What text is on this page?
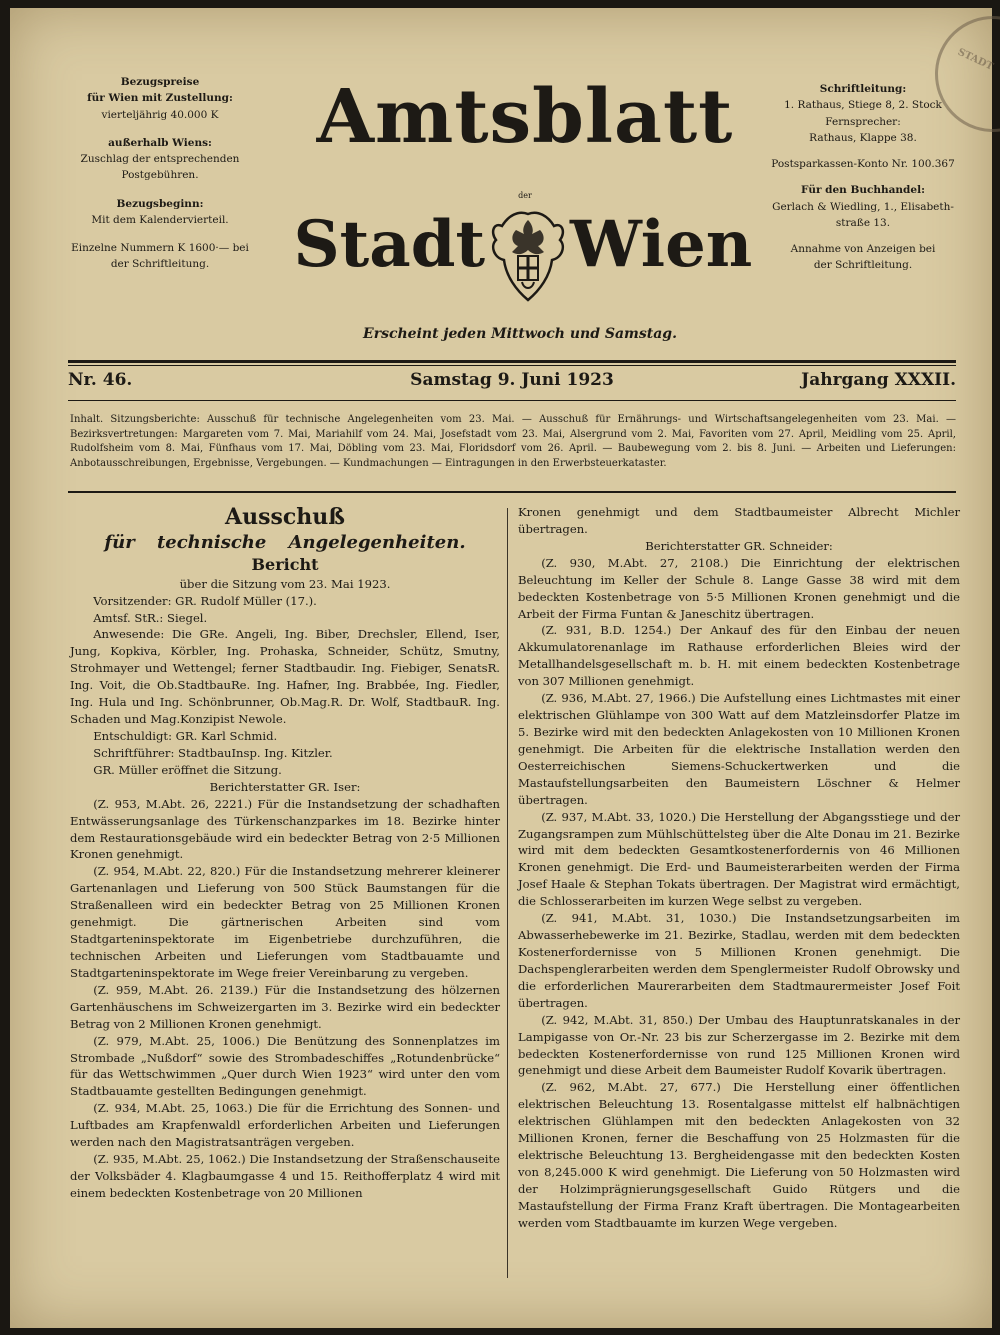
STADT
Bezugspreise
für Wien mit Zustellung:
vierteljährig 40.000 K
außerhalb Wiens:
Zuschlag der entsprechenden
Postgebühren.
Bezugsbeginn:
Mit dem Kalendervierteil.
Einzelne Nummern K 1600·— bei
der Schriftleitung.
Amtsblatt
der
Stadt Wien
Erscheint jeden Mittwoch und Samstag.
Schriftleitung:
1. Rathaus, Stiege 8, 2. Stock
Fernsprecher:
Rathaus, Klappe 38.
Postsparkassen-Konto Nr. 100.367
Für den Buchhandel:
Gerlach & Wiedling, 1., Elisabeth-
straße 13.
Annahme von Anzeigen bei
der Schriftleitung.
Nr. 46.	Samstag 9. Juni 1923	Jahrgang XXXII.
Inhalt. Sitzungsberichte: Ausschuß für technische Angelegenheiten vom 23. Mai. — Ausschuß für Ernährungs- und Wirtschaftsangelegenheiten vom 23. Mai. — Bezirksvertretungen: Margareten vom 7. Mai, Mariahilf vom 24. Mai, Josefstadt vom 23. Mai, Alsergrund vom 2. Mai, Favoriten vom 27. April, Meidling vom 25. April, Rudolfsheim vom 8. Mai, Fünfhaus vom 17. Mai, Döbling vom 23. Mai, Floridsdorf vom 26. April. — Baubewegung vom 2. bis 8. Juni. — Arbeiten und Lieferungen: Anbotausschreibungen, Ergebnisse, Vergebungen. — Kundmachungen — Eintragungen in den Erwerbsteuerkataster.

Ausschuß

für technische Angelegenheiten.

Bericht

über die Sitzung vom 23. Mai 1923.

Vorsitzender: GR. Rudolf Müller (17.).

Amtsf. StR.: Siegel.

Anwesende: Die GRe. Angeli, Ing. Biber, Drechsler, Ellend, Iser, Jung, Kopkiva, Körbler, Ing. Prohaska, Schneider, Schütz, Smutny, Strohmayer und Wettengel; ferner Stadtbaudir. Ing. Fiebiger, SenatsR. Ing. Voit, die Ob.StadtbauRe. Ing. Hafner, Ing. Brabbée, Ing. Fiedler, Ing. Hula und Ing. Schönbrunner, Ob.Mag.R. Dr. Wolf, StadtbauR. Ing. Schaden und Mag.Konzipist Newole.

Entschuldigt: GR. Karl Schmid.

Schriftführer: StadtbauInsp. Ing. Kitzler.

GR. Müller eröffnet die Sitzung.

Berichterstatter GR. Iser:

(Z. 953, M.Abt. 26, 2221.) Für die Instandsetzung der schadhaften Entwässerungsanlage des Türkenschanzparkes im 18. Bezirke hinter dem Restaurationsgebäude wird ein bedeckter Betrag von 2·5 Millionen Kronen genehmigt.

(Z. 954, M.Abt. 22, 820.) Für die Instandsetzung mehrerer kleinerer Gartenanlagen und Lieferung von 500 Stück Baumstangen für die Straßenalleen wird ein bedeckter Betrag von 25 Millionen Kronen genehmigt. Die gärtnerischen Arbeiten sind vom Stadtgarteninspektorate im Eigenbetriebe durchzuführen, die technischen Arbeiten und Lieferungen vom Stadtbauamte und Stadtgarteninspektorate im Wege freier Vereinbarung zu vergeben.

(Z. 959, M.Abt. 26. 2139.) Für die Instandsetzung des hölzernen Gartenhäuschens im Schweizergarten im 3. Bezirke wird ein bedeckter Betrag von 2 Millionen Kronen genehmigt.

(Z. 979, M.Abt. 25, 1006.) Die Benützung des Sonnenplatzes im Strombade „Nußdorf“ sowie des Strombadeschiffes „Rotundenbrücke“ für das Wettschwimmen „Quer durch Wien 1923“ wird unter den vom Stadtbauamte gestellten Bedingungen genehmigt.

(Z. 934, M.Abt. 25, 1063.) Die für die Errichtung des Sonnen- und Luftbades am Krapfenwaldl erforderlichen Arbeiten und Lieferungen werden nach den Magistratsanträgen vergeben.

(Z. 935, M.Abt. 25, 1062.) Die Instandsetzung der Straßenschauseite der Volksbäder 4. Klagbaumgasse 4 und 15. Reithofferplatz 4 wird mit einem bedeckten Kostenbetrage von 20 Millionen

Kronen genehmigt und dem Stadtbaumeister Albrecht Michler übertragen.

Berichterstatter GR. Schneider:

(Z. 930, M.Abt. 27, 2108.) Die Einrichtung der elektrischen Beleuchtung im Keller der Schule 8. Lange Gasse 38 wird mit dem bedeckten Kostenbetrage von 5·5 Millionen Kronen genehmigt und die Arbeit der Firma Funtan & Janeschitz übertragen.

(Z. 931, B.D. 1254.) Der Ankauf des für den Einbau der neuen Akkumulatorenanlage im Rathause erforderlichen Bleies wird der Metallhandelsgesellschaft m. b. H. mit einem bedeckten Kostenbetrage von 307 Millionen genehmigt.

(Z. 936, M.Abt. 27, 1966.) Die Aufstellung eines Lichtmastes mit einer elektrischen Glühlampe von 300 Watt auf dem Matzleinsdorfer Platze im 5. Bezirke wird mit den bedeckten Anlagekosten von 10 Millionen Kronen genehmigt. Die Arbeiten für die elektrische Installation werden den Oesterreichischen Siemens-Schuckertwerken und die Mastaufstellungsarbeiten den Baumeistern Löschner & Helmer übertragen.

(Z. 937, M.Abt. 33, 1020.) Die Herstellung der Abgangsstiege und der Zugangsrampen zum Mühlschüttelsteg über die Alte Donau im 21. Bezirke wird mit dem bedeckten Gesamtkostenerfordernis von 46 Millionen Kronen genehmigt. Die Erd- und Baumeisterarbeiten werden der Firma Josef Haale & Stephan Tokats übertragen. Der Magistrat wird ermächtigt, die Schlosserarbeiten im kurzen Wege selbst zu vergeben.

(Z. 941, M.Abt. 31, 1030.) Die Instandsetzungsarbeiten im Abwasserhebewerke im 21. Bezirke, Stadlau, werden mit dem bedeckten Kostenerfordernisse von 5 Millionen Kronen genehmigt. Die Dachspenglerarbeiten werden dem Spenglermeister Rudolf Obrowsky und die erforderlichen Maurerarbeiten dem Stadtmaurermeister Josef Foit übertragen.

(Z. 942, M.Abt. 31, 850.) Der Umbau des Hauptunratskanales in der Lampigasse von Or.-Nr. 23 bis zur Scherzergasse im 2. Bezirke mit dem bedeckten Kostenerfordernisse von rund 125 Millionen Kronen wird genehmigt und diese Arbeit dem Baumeister Rudolf Kovarik übertragen.

(Z. 962, M.Abt. 27, 677.) Die Herstellung einer öffentlichen elektrischen Beleuchtung 13. Rosentalgasse mittelst elf halbnächtigen elektrischen Glühlampen mit den bedeckten Anlagekosten von 32 Millionen Kronen, ferner die Beschaffung von 25 Holzmasten für die elektrische Beleuchtung 13. Bergheidengasse mit den bedeckten Kosten von 8,245.000 K wird genehmigt. Die Lieferung von 50 Holzmasten wird der Holzimprägnierungsgesellschaft Guido Rütgers und die Mastaufstellung der Firma Franz Kraft übertragen. Die Montagearbeiten werden vom Stadtbauamte im kurzen Wege vergeben.
